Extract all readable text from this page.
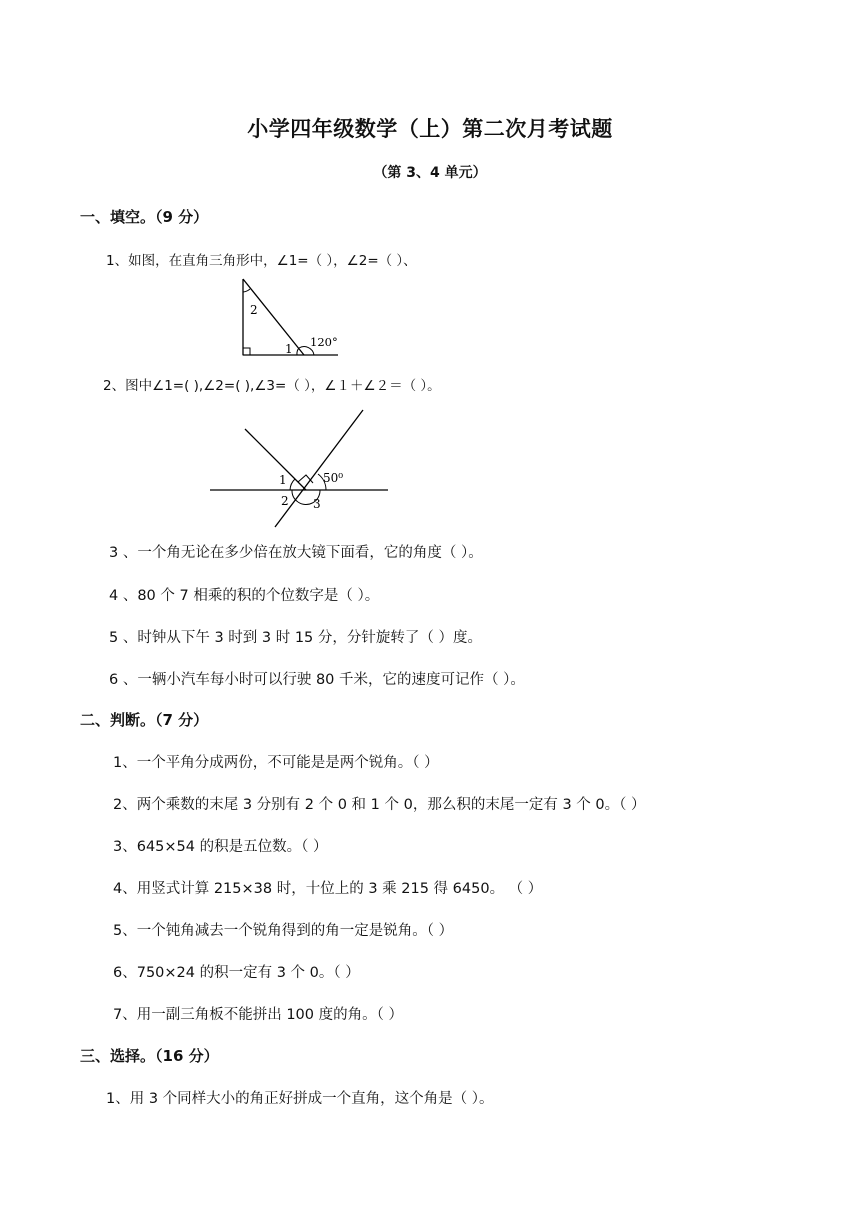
小学四年级数学（上）第二次月考试题
（第 3、4 单元）
一、填空。（9 分）
1、如图，在直角三角形中，∠1=（ ），∠2=（ ）、
2
1 120°
2、图中∠1=( ),∠2=( ),∠3=（ ），∠１＋∠２＝（ ）。
1	50⁰
2 3
3 、一个角无论在多少倍在放大镜下面看，它的角度（ ）。
4 、80 个 7 相乘的积的个位数字是（ ）。
5 、时钟从下午 3 时到 3 时 15 分，分针旋转了（ ）度。
6 、一辆小汽车每小时可以行驶 80 千米，它的速度可记作（ ）。
二、判断。（7 分）
1、一个平角分成两份，不可能是是两个锐角。（ ）
2、两个乘数的末尾 3 分别有 2 个 0 和 1 个 0，那么积的末尾一定有 3 个 0。（ ）
3、645×54 的积是五位数。（ ）
4、用竖式计算 215×38 时，十位上的 3 乘 215 得 6450。 （ ）
5、一个钝角减去一个锐角得到的角一定是锐角。（ ）
6、750×24 的积一定有 3 个 0。（ ）
7、用一副三角板不能拼出 100 度的角。（ ）
三、选择。（16 分）
1、用 3 个同样大小的角正好拼成一个直角，这个角是（ ）。
